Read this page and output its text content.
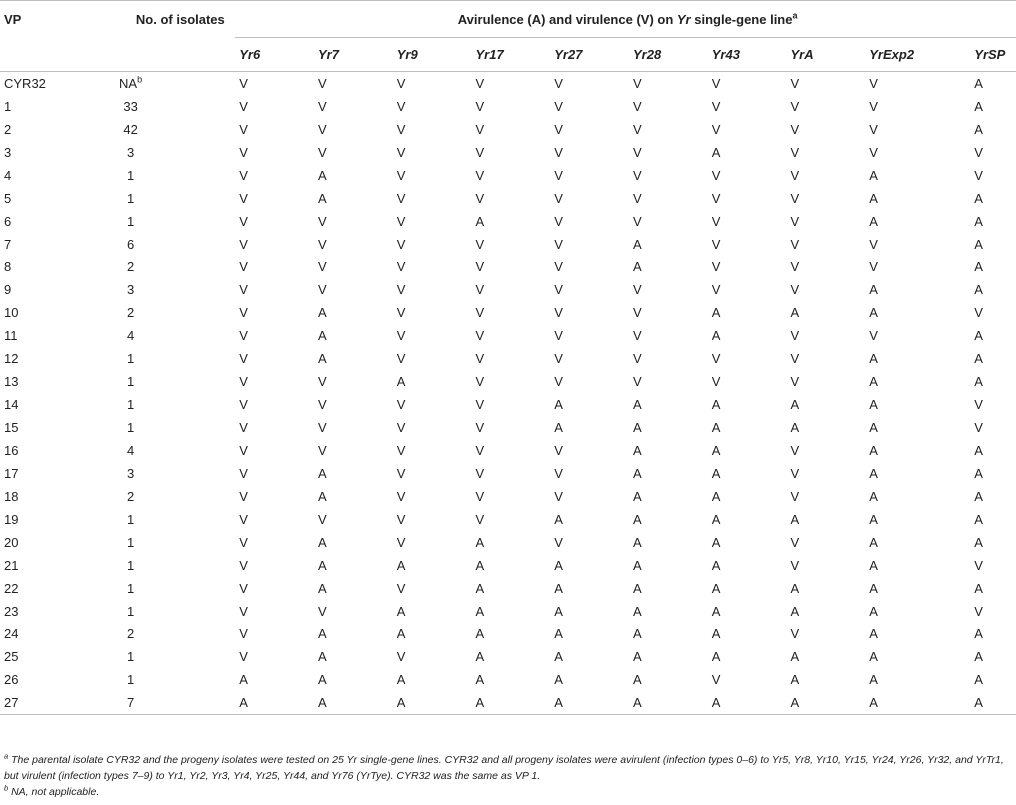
VP	No. of isolates	Avirulence (A) and virulence (V) on Yr single-gene line$^a$
		Yr6	Yr7	Yr9	Yr17	Yr27	Yr28	Yr43	YrA	YrExp2	YrSP
CYR32	$NA^b$	V	V	V	V	V	V	V	V	V	A
1	33	V	V	V	V	V	V	V	V	V	A
2	42	V	V	V	V	V	V	V	V	V	A
3	3	V	V	V	V	V	V	A	V	V	V
4	1	V	A	V	V	V	V	V	V	A	V
5	1	V	A	V	V	V	V	V	V	A	A
6	1	V	V	V	A	V	V	V	V	A	A
7	6	V	V	V	V	V	A	V	V	V	A
8	2	V	V	V	V	V	A	V	V	V	A
9	3	V	V	V	V	V	V	V	V	A	A
10	2	V	A	V	V	V	V	A	A	A	V
11	4	V	A	V	V	V	V	A	V	V	A
12	1	V	A	V	V	V	V	V	V	A	A
13	1	V	V	A	V	V	V	V	V	A	A
14	1	V	V	V	V	A	A	A	A	A	V
15	1	V	V	V	V	A	A	A	A	A	V
16	4	V	V	V	V	V	A	A	V	A	A
17	3	V	A	V	V	V	A	A	V	A	A
18	2	V	A	V	V	V	A	A	V	A	A
19	1	V	V	V	V	A	A	A	A	A	A
20	1	V	A	V	A	V	A	A	V	A	A
21	1	V	A	A	A	A	A	A	V	A	V
22	1	V	A	V	A	A	A	A	A	A	A
23	1	V	V	A	A	A	A	A	A	A	V
24	2	V	A	A	A	A	A	A	V	A	A
25	1	V	A	V	A	A	A	A	A	A	A
26	1	A	A	A	A	A	A	V	A	A	A
27	7	A	A	A	A	A	A	A	A	A	A

$^a$ The parental isolate CYR32 and the progeny isolates were tested on 25 Yr single-gene lines. CYR32 and all progeny isolates were avirulent (infection types 0–6) to Yr5, Yr8, Yr10, Yr15, Yr24, Yr26, Yr32, and YrTr1, but virulent (infection types 7–9) to Yr1, Yr2, Yr3, Yr4, Yr25, Yr44, and Yr76 (YrTye). CYR32 was the same as VP 1.

$^b$ NA, not applicable.
